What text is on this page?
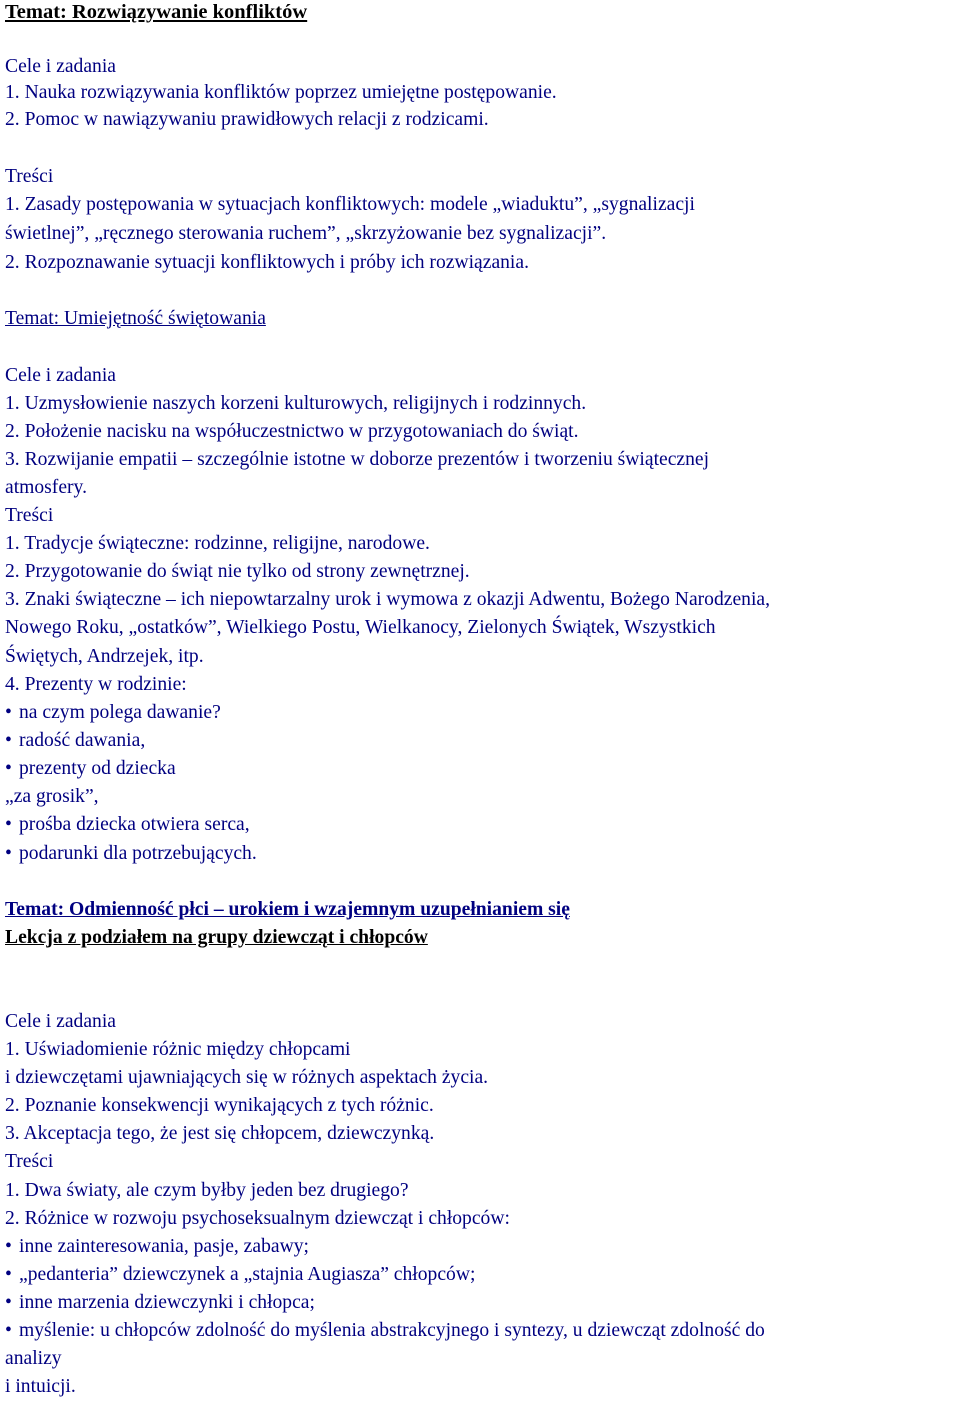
Temat: Rozwiązywanie konfliktów
Cele i zadania
1. Nauka rozwiązywania konfliktów poprzez umiejętne postępowanie.
2. Pomoc w nawiązywaniu prawidłowych relacji z rodzicami.
Treści
1. Zasady postępowania w sytuacjach konfliktowych: modele „wiaduktu”, „sygnalizacji
świetlnej”, „ręcznego sterowania ruchem”, „skrzyżowanie bez sygnalizacji”.
2. Rozpoznawanie sytuacji konfliktowych i próby ich rozwiązania.
Temat: Umiejętność świętowania
Cele i zadania
1. Uzmysłowienie naszych korzeni kulturowych, religijnych i rodzinnych.
2. Położenie nacisku na współuczestnictwo w przygotowaniach do świąt.
3. Rozwijanie empatii – szczególnie istotne w doborze prezentów i tworzeniu świątecznej
atmosfery.
Treści
1. Tradycje świąteczne: rodzinne, religijne, narodowe.
2. Przygotowanie do świąt nie tylko od strony zewnętrznej.
3. Znaki świąteczne – ich niepowtarzalny urok i wymowa z okazji Adwentu, Bożego Narodzenia,
Nowego Roku, „ostatków”, Wielkiego Postu, Wielkanocy, Zielonych Świątek, Wszystkich
Świętych, Andrzejek, itp.
4. Prezenty w rodzinie:
• na czym polega dawanie?
• radość dawania,
• prezenty od dziecka
„za grosik”,
• prośba dziecka otwiera serca,
• podarunki dla potrzebujących.
Temat: Odmienność płci – urokiem i wzajemnym uzupełnianiem się
Lekcja z podziałem na grupy dziewcząt i chłopców
Cele i zadania
1. Uświadomienie różnic między chłopcami
i dziewczętami ujawniających się w różnych aspektach życia.
2. Poznanie konsekwencji wynikających z tych różnic.
3. Akceptacja tego, że jest się chłopcem, dziewczynką.
Treści
1. Dwa światy, ale czym byłby jeden bez drugiego?
2. Różnice w rozwoju psychoseksualnym dziewcząt i chłopców:
• inne zainteresowania, pasje, zabawy;
• „pedanteria” dziewczynek a „stajnia Augiasza” chłopców;
• inne marzenia dziewczynki i chłopca;
• myślenie: u chłopców zdolność do myślenia abstrakcyjnego i syntezy, u dziewcząt zdolność do
analizy
i intuicji.
